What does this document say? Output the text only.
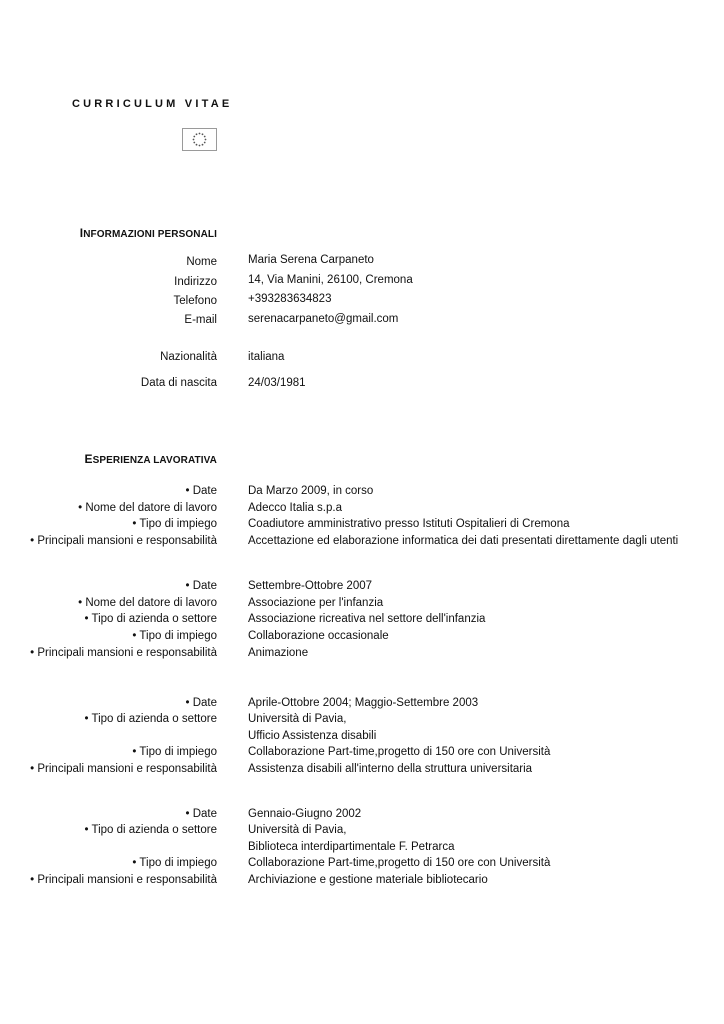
CURRICULUM VITAE
INFORMAZIONI PERSONALI
Nome	Maria Serena Carpaneto
Indirizzo	14, Via Manini, 26100, Cremona
Telefono	+393283634823
E-mail	serenacarpaneto@gmail.com
Nazionalità	italiana
Data di nascita	24/03/1981
ESPERIENZA LAVORATIVA
• Date	Da Marzo 2009, in corso
• Nome del datore di lavoro	Adecco Italia s.p.a
• Tipo di impiego	Coadiutore amministrativo presso Istituti Ospitalieri di Cremona
• Principali mansioni e responsabilità	Accettazione ed elaborazione informatica dei dati presentati direttamente dagli utenti
• Date	Settembre-Ottobre 2007
• Nome del datore di lavoro	Associazione per l'infanzia
• Tipo di azienda o settore	Associazione ricreativa nel settore dell'infanzia
• Tipo di impiego	Collaborazione occasionale
• Principali mansioni e responsabilità	Animazione
• Date	Aprile-Ottobre 2004; Maggio-Settembre 2003
• Tipo di azienda o settore	Università di Pavia,
Ufficio Assistenza disabili
• Tipo di impiego	Collaborazione Part-time,progetto di 150 ore con Università
• Principali mansioni e responsabilità	Assistenza disabili all'interno della struttura universitaria
• Date	Gennaio-Giugno 2002
• Tipo di azienda o settore	Università di Pavia,
Biblioteca interdipartimentale F. Petrarca
• Tipo di impiego	Collaborazione Part-time,progetto di 150 ore con Università
• Principali mansioni e responsabilità	Archiviazione e gestione materiale bibliotecario
